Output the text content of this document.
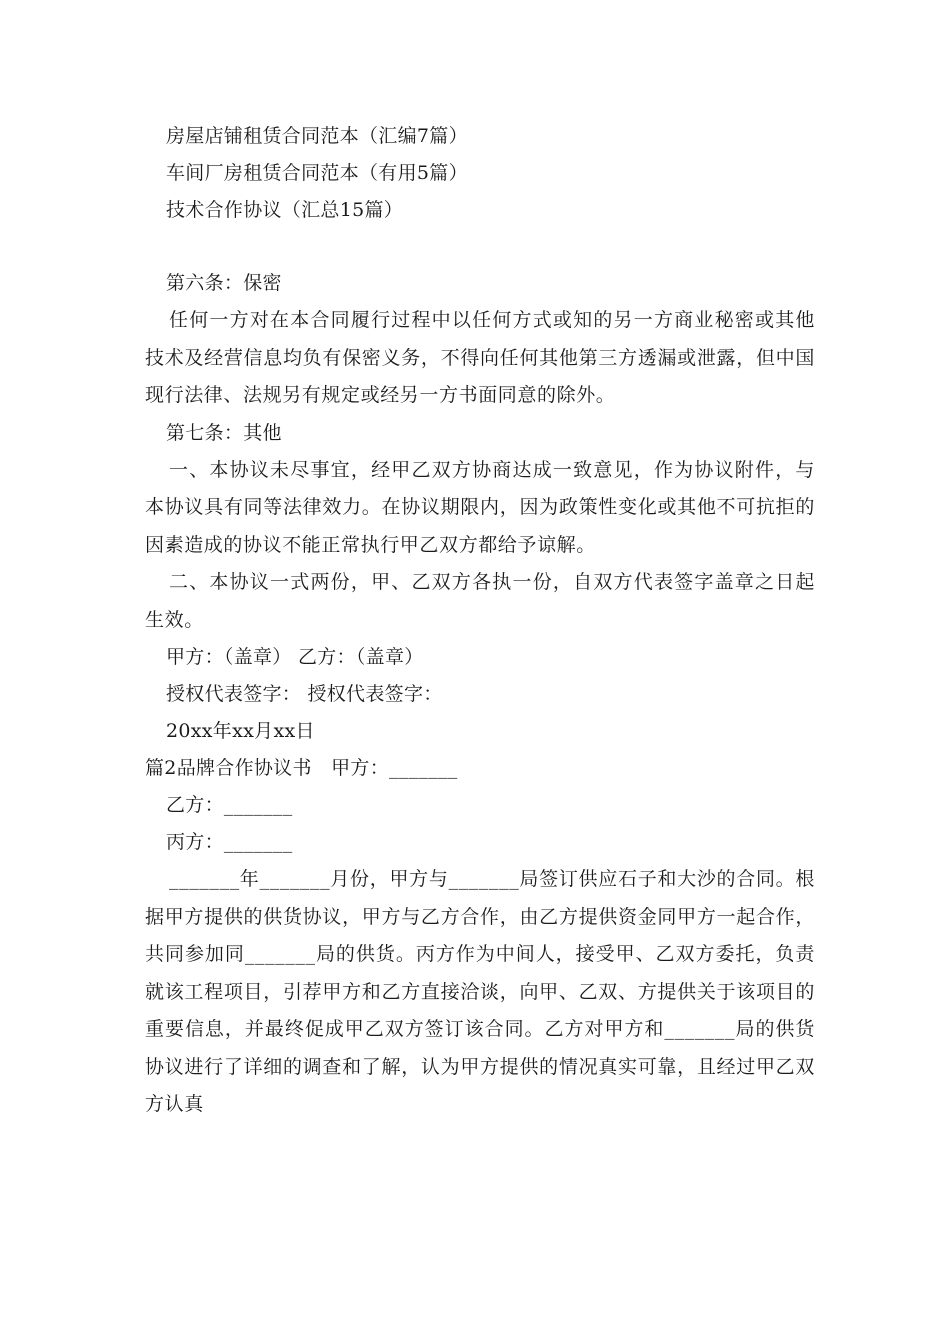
房屋店铺租赁合同范本（汇编7篇）
车间厂房租赁合同范本（有用5篇）
技术合作协议（汇总15篇）
第六条：保密
任何一方对在本合同履行过程中以任何方式或知的另一方商业秘密或其他技术及经营信息均负有保密义务，不得向任何其他第三方透漏或泄露，但中国现行法律、法规另有规定或经另一方书面同意的除外。
第七条：其他
一、本协议未尽事宜，经甲乙双方协商达成一致意见，作为协议附件，与本协议具有同等法律效力。在协议期限内，因为政策性变化或其他不可抗拒的因素造成的协议不能正常执行甲乙双方都给予谅解。
二、本协议一式两份，甲、乙双方各执一份，自双方代表签字盖章之日起生效。
甲方：（盖章） 乙方：（盖章）
授权代表签字： 授权代表签字：
20xx年xx月xx日
篇2品牌合作协议书　甲方：_______
乙方：_______
丙方：_______
_______年_______月份，甲方与_______局签订供应石子和大沙的合同。根据甲方提供的供货协议，甲方与乙方合作，由乙方提供资金同甲方一起合作，共同参加同_______局的供货。丙方作为中间人，接受甲、乙双方委托，负责就该工程项目，引荐甲方和乙方直接洽谈，向甲、乙双、方提供关于该项目的重要信息，并最终促成甲乙双方签订该合同。乙方对甲方和_______局的供货协议进行了详细的调查和了解，认为甲方提供的情况真实可靠，且经过甲乙双方认真
